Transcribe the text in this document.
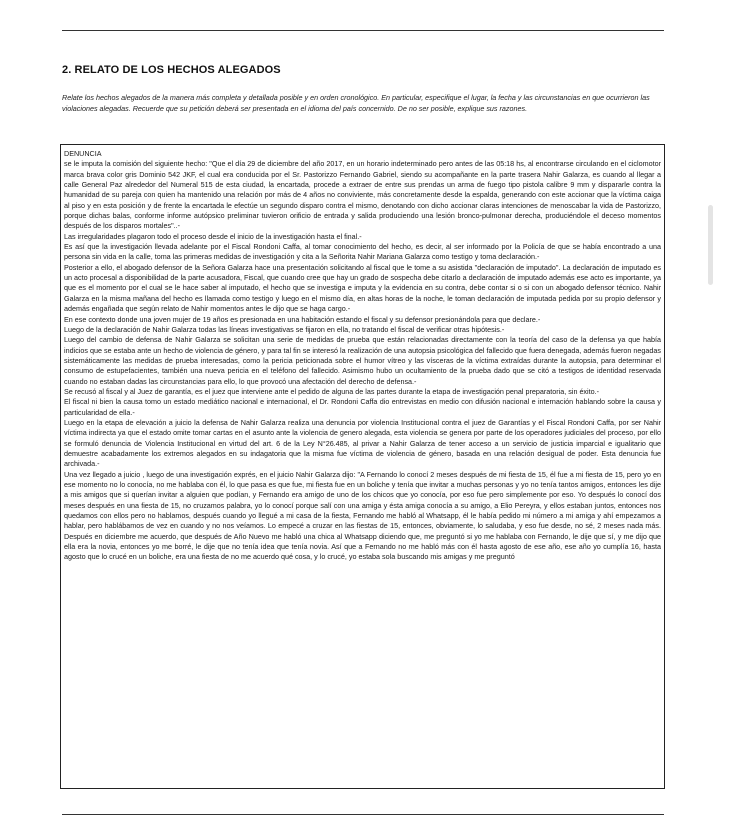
2. RELATO DE LOS HECHOS ALEGADOS

Relate los hechos alegados de la manera más completa y detallada posible y en orden cronológico. En particular, especifique el lugar, la fecha y las circunstancias en que ocurrieron las violaciones alegadas. Recuerde que su petición deberá ser presentada en el idioma del país concernido. De no ser posible, explique sus razones.

DENUNCIA

se le imputa la comisión del siguiente hecho: "Que el día 29 de diciembre del año 2017, en un horario indeterminado pero antes de las 05:18 hs, al encontrarse circulando en el ciclomotor marca brava color gris Dominio 542 JKF, el cual era conducida por el Sr. Pastorizzo Fernando Gabriel, siendo su acompañante en la parte trasera Nahir Galarza, es cuando al llegar a calle General Paz alrededor del Numeral 515 de esta ciudad, la encartada, procede a extraer de entre sus prendas un arma de fuego tipo pistola calibre 9 mm y dispararle contra la humanidad de su pareja con quien ha mantenido una relación por más de 4 años no conviviente, más concretamente desde la espalda, generando con este accionar que la víctima caiga al piso y en esta posición y de frente la encartada le efectúe un segundo disparo contra el mismo, denotando con dicho accionar claras intenciones de menoscabar la vida de Pastorizzo, porque dichas balas, conforme informe autópsico preliminar tuvieron orificio de entrada y salida produciendo una lesión bronco-pulmonar derecha, produciéndole el deceso momentos después de los disparos mortales"..-

Las irregularidades plagaron todo el proceso desde el inicio de la investigación hasta el final.-

Es así que la investigación llevada adelante por el Fiscal Rondoni Caffa, al tomar conocimiento del hecho, es decir, al ser informado por la Policía de que se había encontrado a una persona sin vida en la calle, toma las primeras medidas de investigación y cita a la Señorita Nahir Mariana Galarza como testigo y toma declaración.-

Posterior a ello, el abogado defensor de la Señora Galarza hace una presentación solicitando al fiscal que le tome a su asistida "declaración de imputado". La declaración de imputado es un acto procesal a disponibilidad de la parte acusadora, Fiscal, que cuando cree que hay un grado de sospecha debe citarlo a declaración de imputado además ese acto es importante, ya que es el momento por el cual se le hace saber al imputado, el hecho que se investiga e imputa y la evidencia en su contra, debe contar si o si con un abogado defensor técnico. Nahir Galarza en la misma mañana del hecho es llamada como testigo y luego en el mismo día, en altas horas de la noche, le toman declaración de imputada pedida por su propio defensor y además engañada que según relato de Nahir momentos antes le dijo que se haga cargo.-

En ese contexto donde una joven mujer de 19 años es presionada en una habitación estando el fiscal y su defensor presionándola para que declare.-

Luego de la declaración de Nahir Galarza todas las líneas investigativas se fijaron en ella, no tratando el fiscal de verificar otras hipótesis.-

Luego del cambio de defensa de Nahir Galarza se solicitan una serie de medidas de prueba que están relacionadas directamente con la teoría del caso de la defensa ya que había indicios que se estaba ante un hecho de violencia de género, y para tal fin se interesó la realización de una autopsia psicológica del fallecido que fuera denegada, además fueron negadas sistemáticamente las medidas de prueba interesadas, como la pericia peticionada sobre el humor vítreo y las vísceras de la víctima extraídas durante la autopsia, para determinar el consumo de estupefacientes, también una nueva pericia en el teléfono del fallecido. Asimismo hubo un ocultamiento de la prueba dado que se citó a testigos de identidad reservada cuando no estaban dadas las circunstancias para ello, lo que provocó una afectación del derecho de defensa.-

Se recusó al fiscal y al Juez de garantía, es el juez que interviene ante el pedido de alguna de las partes durante la etapa de investigación penal preparatoria, sin éxito.-

El fiscal ni bien la causa tomo un estado mediático nacional e internacional, el Dr. Rondoni Caffa dio entrevistas en medio con difusión nacional e internación hablando sobre la causa y particularidad de ella.-

Luego en la etapa de elevación a juicio la defensa de Nahir Galarza realiza una denuncia por violencia Institucional contra el juez de Garantías y el Fiscal Rondoni Caffa, por ser Nahir víctima indirecta ya que el estado omite tomar cartas en el asunto ante la violencia de genero alegada, esta violencia se genera por parte de los operadores judiciales del proceso, por ello se formuló denuncia de Violencia Institucional en virtud del art. 6 de la Ley N°26.485, al privar a Nahir Galarza de tener acceso a un servicio de justicia imparcial e igualitario que demuestre acabadamente los extremos alegados en su indagatoria que la misma fue víctima de violencia de género, basada en una relación desigual de poder. Esta denuncia fue archivada.-

Una vez llegado a juicio , luego de una investigación exprés, en el juicio Nahir Galarza dijo: "A Fernando lo conocí 2 meses después de mi fiesta de 15, él fue a mi fiesta de 15, pero yo en ese momento no lo conocía, no me hablaba con él, lo que pasa es que fue, mi fiesta fue en un boliche y tenía que invitar a muchas personas y yo no tenía tantos amigos, entonces les dije a mis amigos que si querían invitar a alguien que podían, y Fernando era amigo de uno de los chicos que yo conocía, por eso fue pero simplemente por eso. Yo después lo conocí dos meses después en una fiesta de 15, no cruzamos palabra, yo lo conocí porque salí con una amiga y ésta amiga conocía a su amigo, a Elio Pereyra, y ellos estaban juntos, entonces nos quedamos con ellos pero no hablamos, después cuando yo llegué a mi casa de la fiesta, Fernando me habló al Whatsapp, él le había pedido mi número a mi amiga y ahí empezamos a hablar, pero hablábamos de vez en cuando y no nos veíamos. Lo empecé a cruzar en las fiestas de 15, entonces, obviamente, lo saludaba, y eso fue desde, no sé, 2 meses nada más. Después en diciembre me acuerdo, que después de Año Nuevo me habló una chica al Whatsapp diciendo que, me preguntó si yo me hablaba con Fernando, le dije que sí, y me dijo que ella era la novia, entonces yo me borré, le dije que no tenía idea que tenía novia. Así que a Fernando no me habló más con él hasta agosto de ese año, ese año yo cumplía 16, hasta agosto que lo crucé en un boliche, era una fiesta de no me acuerdo qué cosa, y lo crucé, yo estaba sola buscando mis amigas y me preguntó
